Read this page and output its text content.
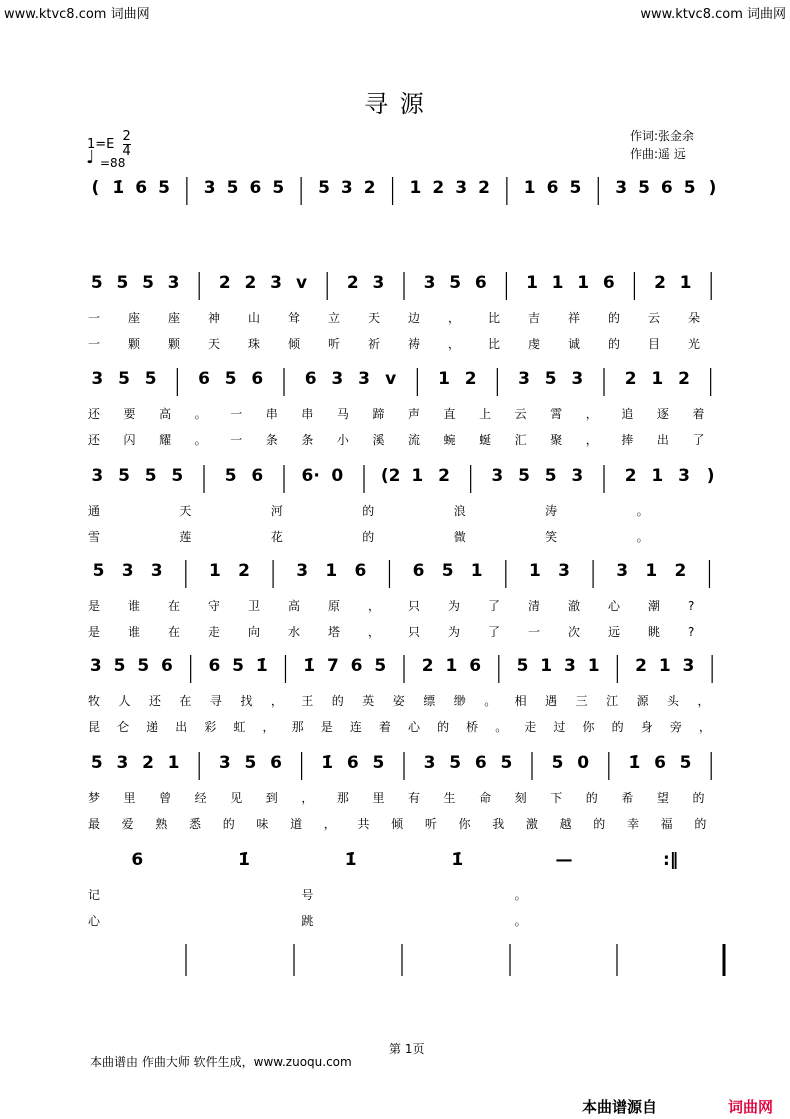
www.ktvc8.com 词曲网	www.ktvc8.com 词曲网
寻 源
$1=E \frac{2}{4}$
♩ =88
作词:张金余
作曲:遥 远
( 1̇ 6 5 3 5 6 5 5 3 2 1 2 3 2 1 6 5 3 5 6 5 )
5 5 5 3 2 2 3 v 2 3 3 5 6 1 1 1 6 2 1
一 座 座 神 山 耸 立 天 边 ， 比 吉 祥 的 云 朵
一 颗 颗 天 珠 倾 听 祈 祷 ， 比 虔 诚 的 目 光
3 5 5 6 5 6 6 3 3 v 1 2 3 5 3 2 1 2
还 要 高 。 一 串 串 马 蹄 声 直 上 云 霄 ， 追 逐 着
还 闪 耀 。 一 条 条 小 溪 流 蜿 蜒 汇 聚 ， 捧 出 了
3 5 5 5 5 6 6· 0 (2 1 2 3 5 5 3 2 1 3 )
通	天	河	的	浪	涛	。
雪	莲	花	的	微	笑	。
5 3 3	1 2	3 1 6	6 5 1	1 3	3 1 2
是 谁 在 守 卫 高 原 ， 只 为 了 清 澈 心 潮 ?
是 谁 在 走 向 水 塔 ， 只 为 了 一 次 远 眺 ?
3 5 5 6 6 5 1̇ 1̇ 7 6 5 2 1 6 5 1 3 1 2 1 3
牧 人 还 在 寻 找 ， 王 的 英 姿 缥 缈 。 相 遇 三 江 源 头 ，
昆 仑 递 出 彩 虹 ， 那 是 连 着 心 的 桥 。 走 过 你 的 身 旁 ，
5 3 2 1 3 5 6 1̇ 6 5 3 5 6 5 5 0 1̇ 6 5
梦 里 曾 经 见 到 ， 那 里 有 生 命 刻 下 的 希 望 的
最 爱 熟 悉 的 味 道 ， 共 倾 听 你 我 激 越 的 幸 福 的
6	1̇	1̇	1̇	—	:‖
记	号	。
心	跳	。
第 1页
本曲谱由 作曲大师 软件生成，www.zuoqu.com
本曲谱源自	词曲网
